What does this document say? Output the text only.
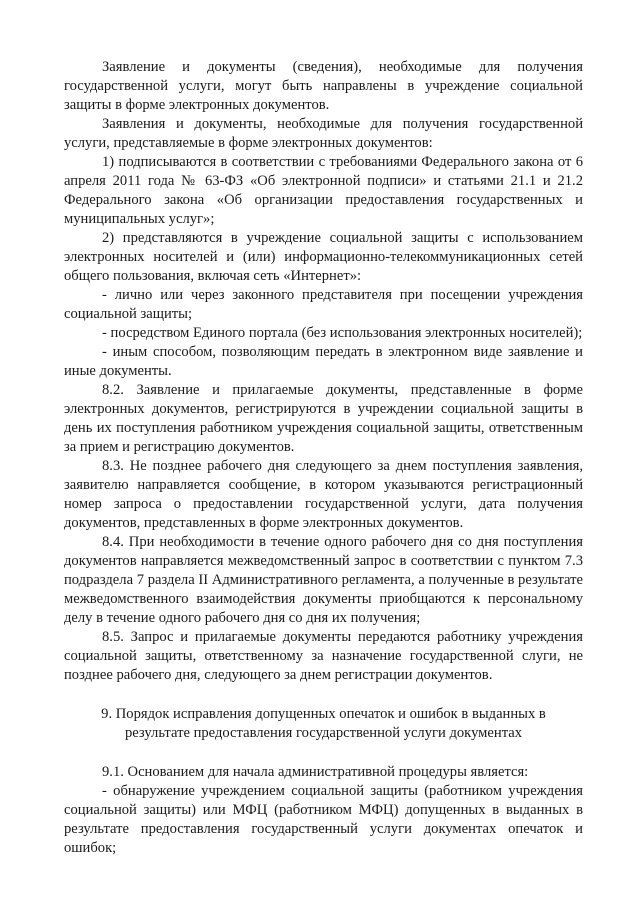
Заявление и документы (сведения), необходимые для получения государственной услуги, могут быть направлены в учреждение социальной защиты в форме электронных документов.

Заявления и документы, необходимые для получения государственной услуги, представляемые в форме электронных документов:

1) подписываются в соответствии с требованиями Федерального закона от 6 апреля 2011 года № 63-ФЗ «Об электронной подписи» и статьями 21.1 и 21.2 Федерального закона «Об организации предоставления государственных и муниципальных услуг»;

2) представляются в учреждение социальной защиты с использованием электронных носителей и (или) информационно-телекоммуникационных сетей общего пользования, включая сеть «Интернет»:

- лично или через законного представителя при посещении учреждения социальной защиты;

- посредством Единого портала (без использования электронных носителей);

- иным способом, позволяющим передать в электронном виде заявление и иные документы.

8.2. Заявление и прилагаемые документы, представленные в форме электронных документов, регистрируются в учреждении социальной защиты в день их поступления работником учреждения социальной защиты, ответственным за прием и регистрацию документов.

8.3. Не позднее рабочего дня следующего за днем поступления заявления, заявителю направляется сообщение, в котором указываются регистрационный номер запроса о предоставлении государственной услуги, дата получения документов, представленных в форме электронных документов.

8.4. При необходимости в течение одного рабочего дня со дня поступления документов направляется межведомственный запрос в соответствии с пунктом 7.3 подраздела 7 раздела II Административного регламента, а полученные в результате межведомственного взаимодействия документы приобщаются к персональному делу в течение одного рабочего дня со дня их получения;

8.5. Запрос и прилагаемые документы передаются работнику учреждения социальной защиты, ответственному за назначение государственной слуги, не позднее рабочего дня, следующего за днем регистрации документов.

9. Порядок исправления допущенных опечаток и ошибок в выданных в
результате предоставления государственной услуги документах

9.1. Основанием для начала административной процедуры является:

- обнаружение учреждением социальной защиты (работником учреждения социальной защиты) или МФЦ (работником МФЦ) допущенных в выданных в результате предоставления государственный услуги документах опечаток и ошибок;
